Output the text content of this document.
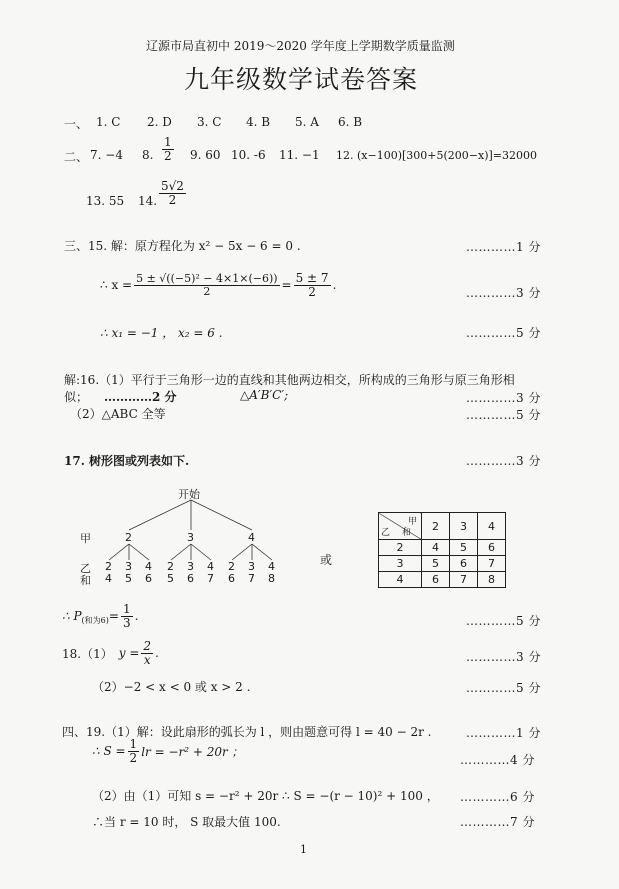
辽源市局直初中 2019～2020 学年度上学期数学质量监测
九年级数学试卷答案
一、 1. C 2. D 3. C 4. B 5. A 6. B
二、 7. −4 8. $\frac{1}{2} 9$. 60 10. -6 11. −1 12. (x−100)[300+5(200−x)]=32000
13. 55 14. $\frac{5√2}{2}$
三、15. 解：原方程化为 x² − 5x − 6 = 0 .	…………1 分
∴ $x = \frac{\text{5 ± √((−5)² − 4×1×(−6))}}{2} = \frac{5 \pm 7}{2}$ .
…………3 分
∴ x₁ = −1 ， x₂ = 6 .	…………5 分
解:16.（1）平行于三角形一边的直线和其他两边相交，所构成的三角形与原三角形相
似； …………2 分	△A′B′C′;	…………3 分
（2）△ABC 全等	…………5 分
17. 树形图或列表如下.	…………3 分
开始
甲
乙
和
2	3	4
2 3 4 2 3 4 2 3 4
4 5 6 5 6 7 6 7 8
或
甲
和
乙	2	3	4
2	4	5	6
3	5	6	7
4	6	7	8
∴ P (和为$6) = \frac{1}{3}$ .	…………5 分
18.（1） $y = \frac{2}{x}$ .	…………3 分
（2）−2 < x < 0 或 x > 2 .	…………5 分
四、19.（1）解：设此扇形的弧长为 l ，则由题意可得 l = 40 − 2r .	…………1 分
∴ $S = \frac{1}{2}$ lr = −r² + 20r ；
…………4 分
（2）由（1）可知 s = −r² + 20r ∴ S = −(r − 10)² + 100 ， …………6 分
∴当 r = 10 时， S 取最大值 100.	…………7 分
1
